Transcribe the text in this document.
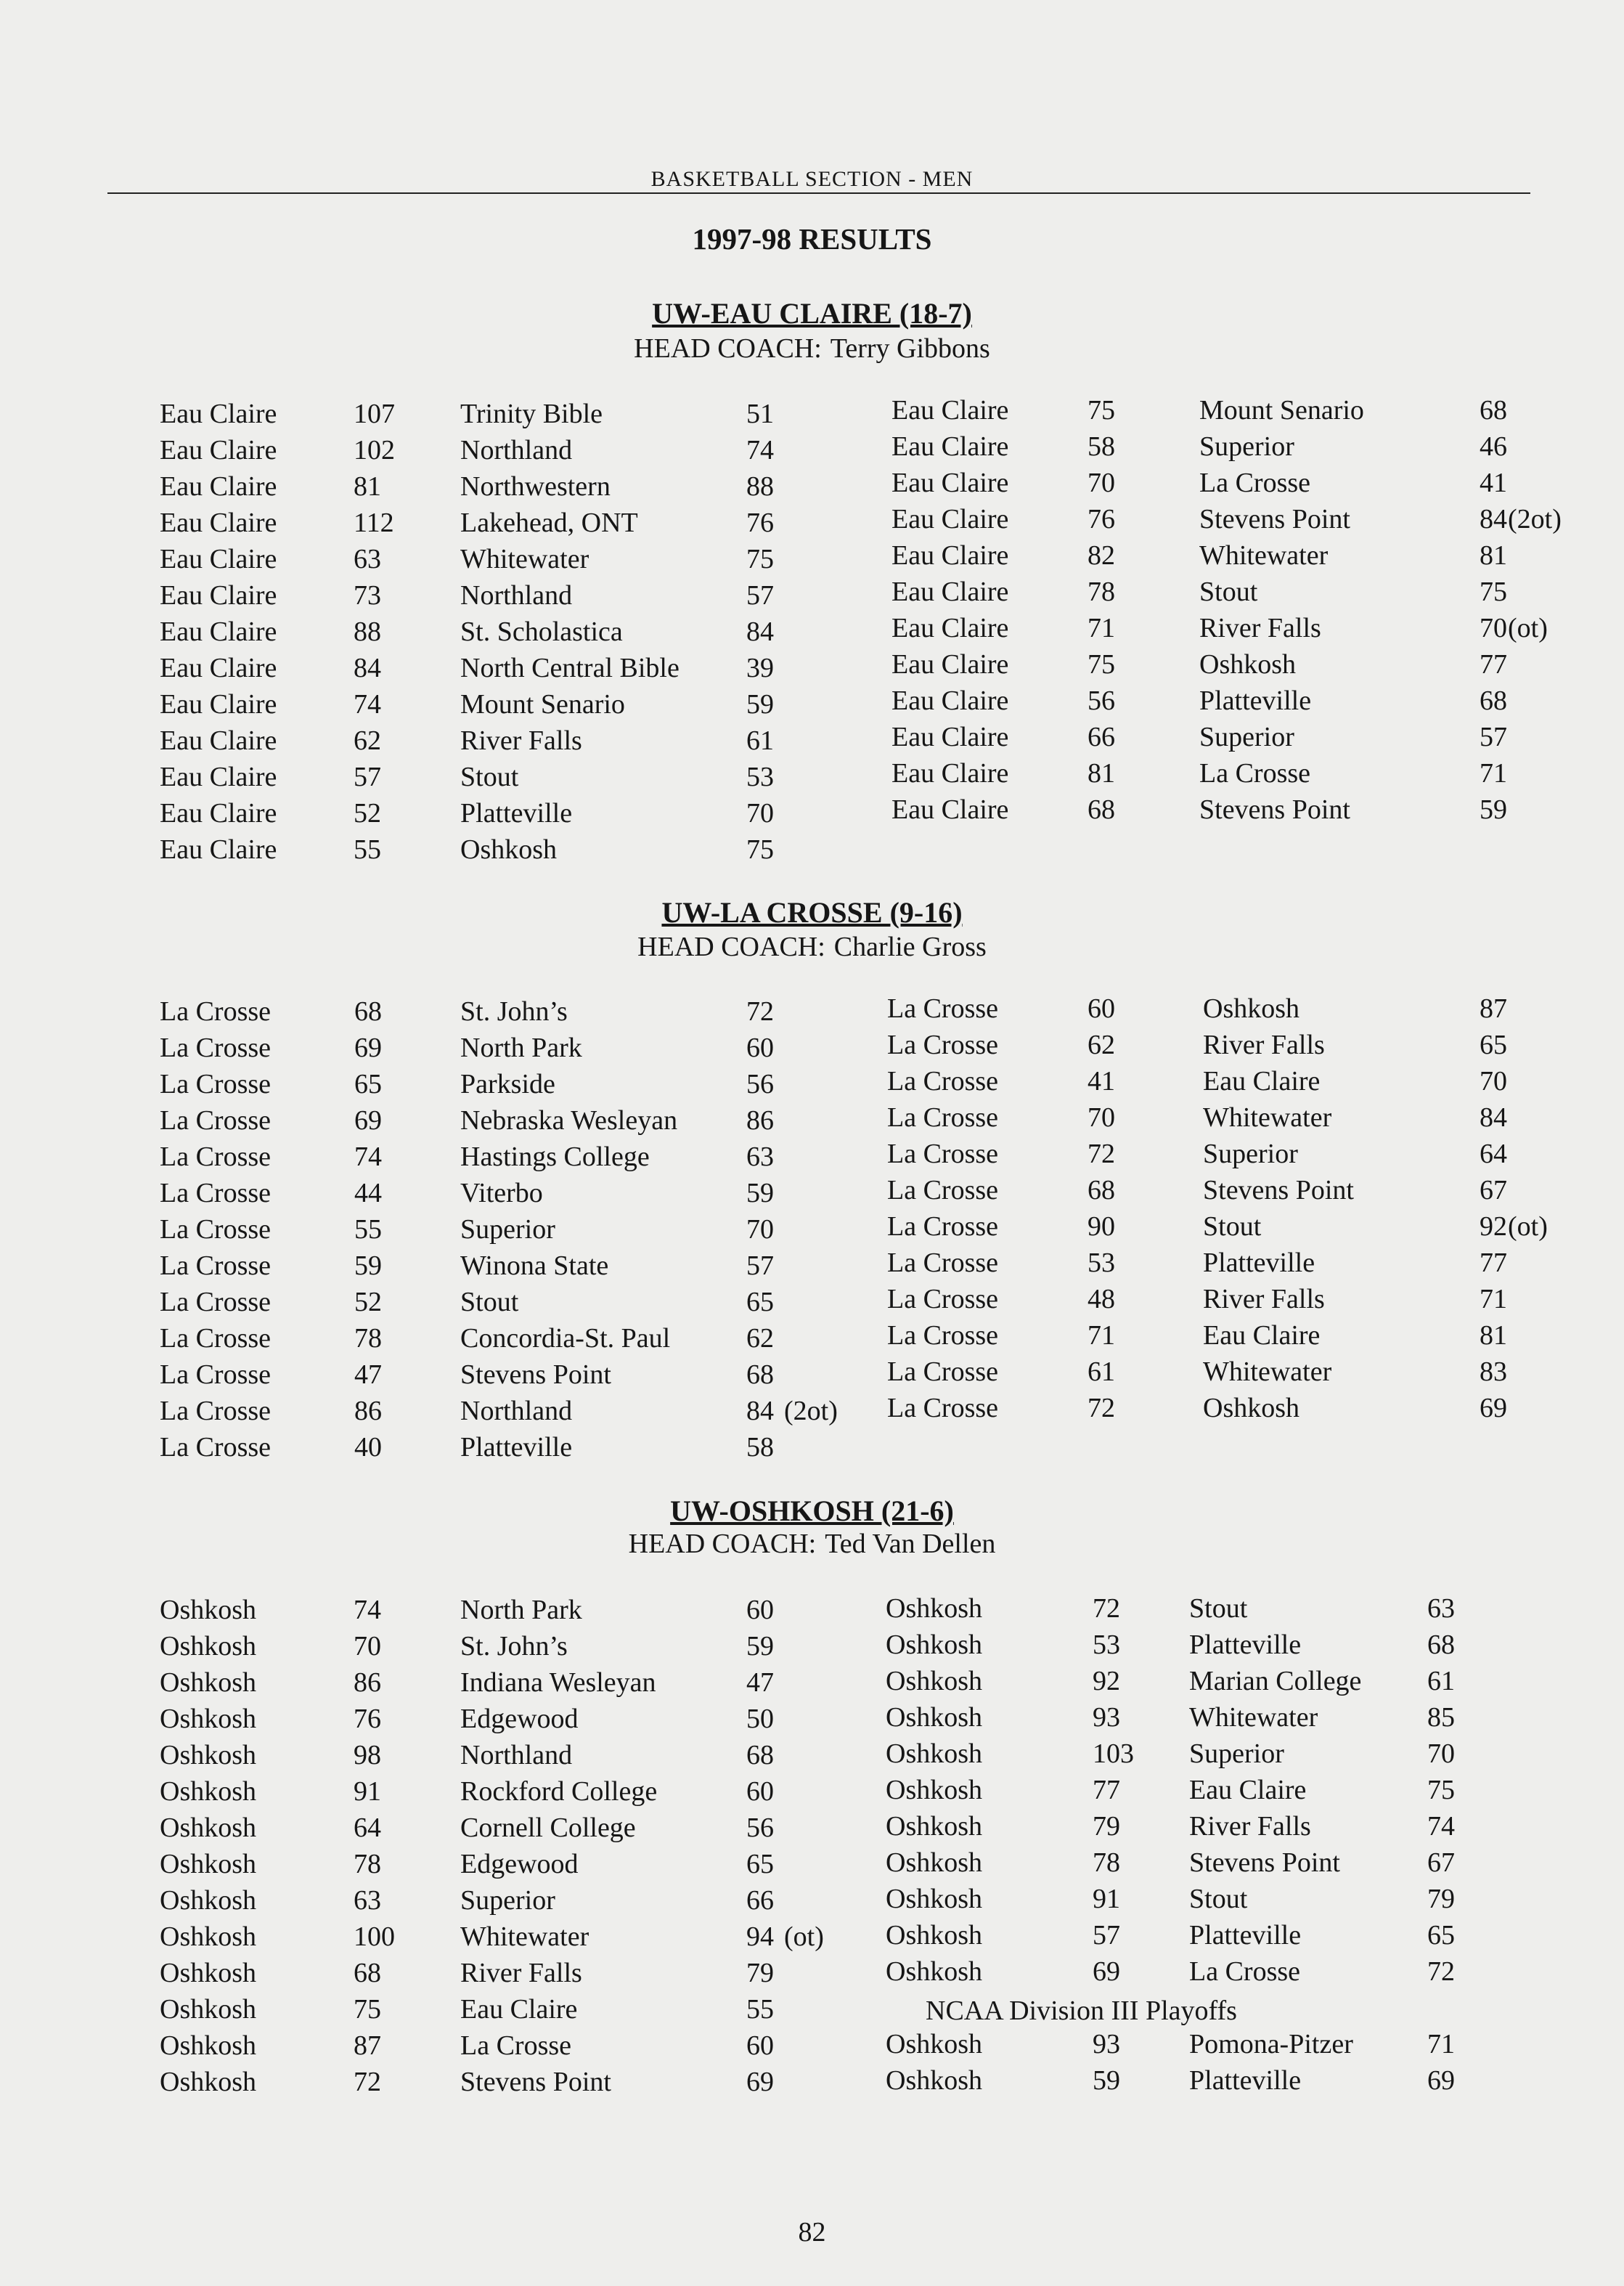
BASKETBALL SECTION - MEN
1997-98 RESULTS
UW-EAU CLAIRE (18-7)
HEAD COACH: Terry Gibbons
UW-LA CROSSE (9-16)
HEAD COACH: Charlie Gross
UW-OSHKOSH (21-6)
HEAD COACH: Ted Van Dellen
NCAA Division III Playoffs
Eau Claire	107 Trinity Bible	51
Eau Claire	102 Northland	74
Eau Claire	81	Northwestern	88
Eau Claire	112 Lakehead, ONT	76
Eau Claire	63	Whitewater	75
Eau Claire	73	Northland	57
Eau Claire	88	St. Scholastica	84
Eau Claire	84	North Central Bible 39
Eau Claire	74	Mount Senario	59
Eau Claire	62	River Falls	61
Eau Claire	57	Stout	53
Eau Claire	52	Platteville	70
Eau Claire	55	Oshkosh	75
Eau Claire	75	Mount Senario	68
Eau Claire	58	Superior	46
Eau Claire	70	La Crosse	41
Eau Claire	76	Stevens Point	84 (2ot)
Eau Claire	82	Whitewater	81
Eau Claire	78	Stout	75
Eau Claire	71	River Falls	70 (ot)
Eau Claire	75	Oshkosh	77
Eau Claire	56	Platteville	68
Eau Claire	66	Superior	57
Eau Claire	81	La Crosse	71
Eau Claire	68	Stevens Point	59
La Crosse	68	St. John’s	72
La Crosse	69	North Park	60
La Crosse	65	Parkside	56
La Crosse	69	Nebraska Wesleyan 86
La Crosse	74	Hastings College	63
La Crosse	44	Viterbo	59
La Crosse	55	Superior	70
La Crosse	59	Winona State	57
La Crosse	52	Stout	65
La Crosse	78	Concordia-St. Paul	62
La Crosse	47	Stevens Point	68
La Crosse	86	Northland	84 (2ot)
La Crosse	40	Platteville	58
La Crosse	60	Oshkosh	87
La Crosse	62	River Falls	65
La Crosse	41	Eau Claire	70
La Crosse	70	Whitewater	84
La Crosse	72	Superior	64
La Crosse	68	Stevens Point	67
La Crosse	90	Stout	92 (ot)
La Crosse	53	Platteville	77
La Crosse	48	River Falls	71
La Crosse	71	Eau Claire	81
La Crosse	61	Whitewater	83
La Crosse	72	Oshkosh	69
Oshkosh	74	North Park	60
Oshkosh	70	St. John’s	59
Oshkosh	86	Indiana Wesleyan	47
Oshkosh	76	Edgewood	50
Oshkosh	98	Northland	68
Oshkosh	91	Rockford College	60
Oshkosh	64	Cornell College	56
Oshkosh	78	Edgewood	65
Oshkosh	63	Superior	66
Oshkosh	100 Whitewater	94 (ot)
Oshkosh	68	River Falls	79
Oshkosh	75	Eau Claire	55
Oshkosh	87	La Crosse	60
Oshkosh	72	Stevens Point	69
Oshkosh	72	Stout	63
Oshkosh	53	Platteville	68
Oshkosh	92	Marian College 61
Oshkosh	93	Whitewater	85
Oshkosh	103 Superior	70
Oshkosh	77	Eau Claire	75
Oshkosh	79	River Falls	74
Oshkosh	78	Stevens Point	67
Oshkosh	91	Stout	79
Oshkosh	57	Platteville	65
Oshkosh	69	La Crosse	72
Oshkosh	93	Pomona-Pitzer	71
Oshkosh	59	Platteville	69
82
